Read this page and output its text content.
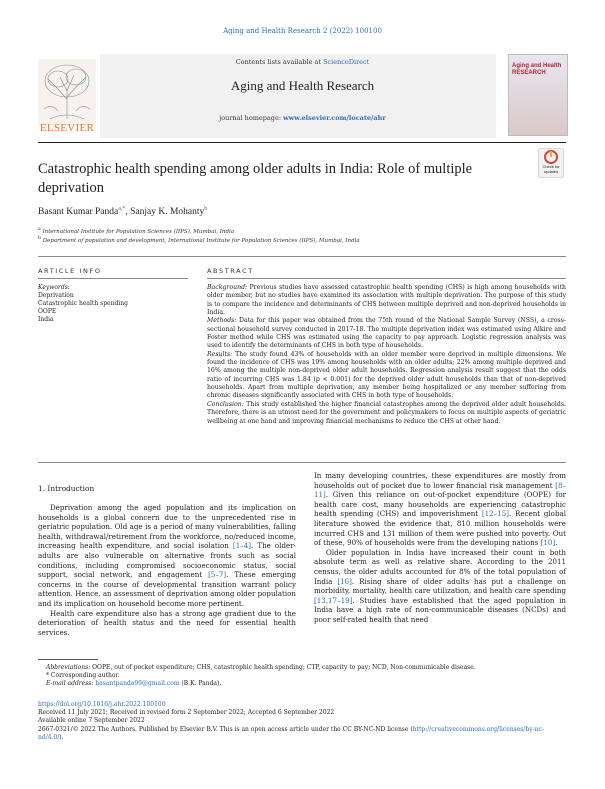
Aging and Health Research 2 (2022) 100100
Contents lists available at ScienceDirect
Aging and Health Research
journal homepage: www.elsevier.com/locate/ahr
ELSEVIER
Aging and Health
RESEARCH
Catastrophic health spending among older adults in India: Role of multiple deprivation
Check for
updates
Basant Kumar Panda$^{a,*}$, Sanjay K. Mohanty$^b$
$^a$ International Institute for Population Sciences (IIPS), Mumbai, India
$^b$ Department of population and development, International Institute for Population Sciences (IIPS), Mumbai, India
ARTICLE INFO
Keywords:
Deprivation
Catastrophic health spending
OOPE
India
ABSTRACT

Background: Previous studies have assessed catastrophic health spending (CHS) is high among households with older member, but no studies have examined its association with multiple deprivation. The purpose of this study is to compare the incidence and determinants of CHS between multiple deprived and non-deprived households in India.

Methods: Data for this paper was obtained from the 75th round of the National Sample Survey (NSS), a cross-sectional household survey conducted in 2017-18. The multiple deprivation index was estimated using Alkire and Foster method while CHS was estimated using the capacity to pay approach. Logistic regression analysis was used to identify the determinants of CHS in both type of households.

Results: The study found 43% of households with an older member were deprived in multiple dimensions. We found the incidence of CHS was 19% among households with an older adults; 22% among multiple deprived and 16% among the multiple non-deprived older adult households. Regression analysis result suggest that the odds ratio of incurring CHS was 1.84 (p < 0.001) for the deprived older adult households than that of non-deprived households. Apart from multiple deprivation, any member being hospitalized or any member suffering from chronic diseases significantly associated with CHS in both type of households.

Conclusion: This study established the higher financial catastrophes among the deprived older adult households. Therefore, there is an utmost need for the government and policymakers to focus on multiple aspects of geriatric wellbeing at one hand and improving financial mechanisms to reduce the CHS at other hand.

1. Introduction

Deprivation among the aged population and its implication on households is a global concern due to the unprecedented rise in geriatric population. Old age is a period of many vulnerabilities, falling health, withdrawal/retirement from the workforce, no/reduced income, increasing health expenditure, and social isolation [1–4]. The older-adults are also vulnerable on alternative fronts such as social conditions, including compromised socioeconomic status, social support, social network, and engagement [5–7]. These emerging concerns in the course of developmental transition warrant policy attention. Hence, an assessment of deprivation among older population and its implication on household become more pertinent.

Health care expenditure also has a strong age gradient due to the deterioration of health status and the need for essential health services.

In many developing countries, these expenditures are mostly from households out of pocket due to lower financial risk management [8–11]. Given this reliance on out-of-pocket expenditure (OOPE) for health care cost, many households are experiencing catastrophic health spending (CHS) and impoverishment [12–15]. Recent global literature showed the evidence that, 810 million households were incurred CHS and 131 million of them were pushed into poverty. Out of these, 90% of households were from the developing nations [10].

Older population in India have increased their count in both absolute term as well as relative share. According to the 2011 census, the older adults accounted for 8% of the total population of India [16]. Rising share of older adults has put a challenge on morbidity, mortality, health care utilization, and health care spending [13,17–19]. Studies have established that the aged population in India have a high rate of non-communicable diseases (NCDs) and poor self-rated health that need

Abbreviations: OOPE, out of pocket expenditure; CHS, catastrophic health spending; CTP, capacity to pay; NCD, Non-communicable disease.
* Corresponding author.
E-mail address: basantpanda99@gmail.com (B.K. Panda).
https://doi.org/10.1016/j.ahr.2022.100100
Received 11 July 2021; Received in revised form 2 September 2022; Accepted 6 September 2022
Available online 7 September 2022
2667-0321/© 2022 The Authors. Published by Elsevier B.V. This is an open access article under the CC BY-NC-ND license (http://creativecommons.org/licenses/by-nc-nd/4.0/).
